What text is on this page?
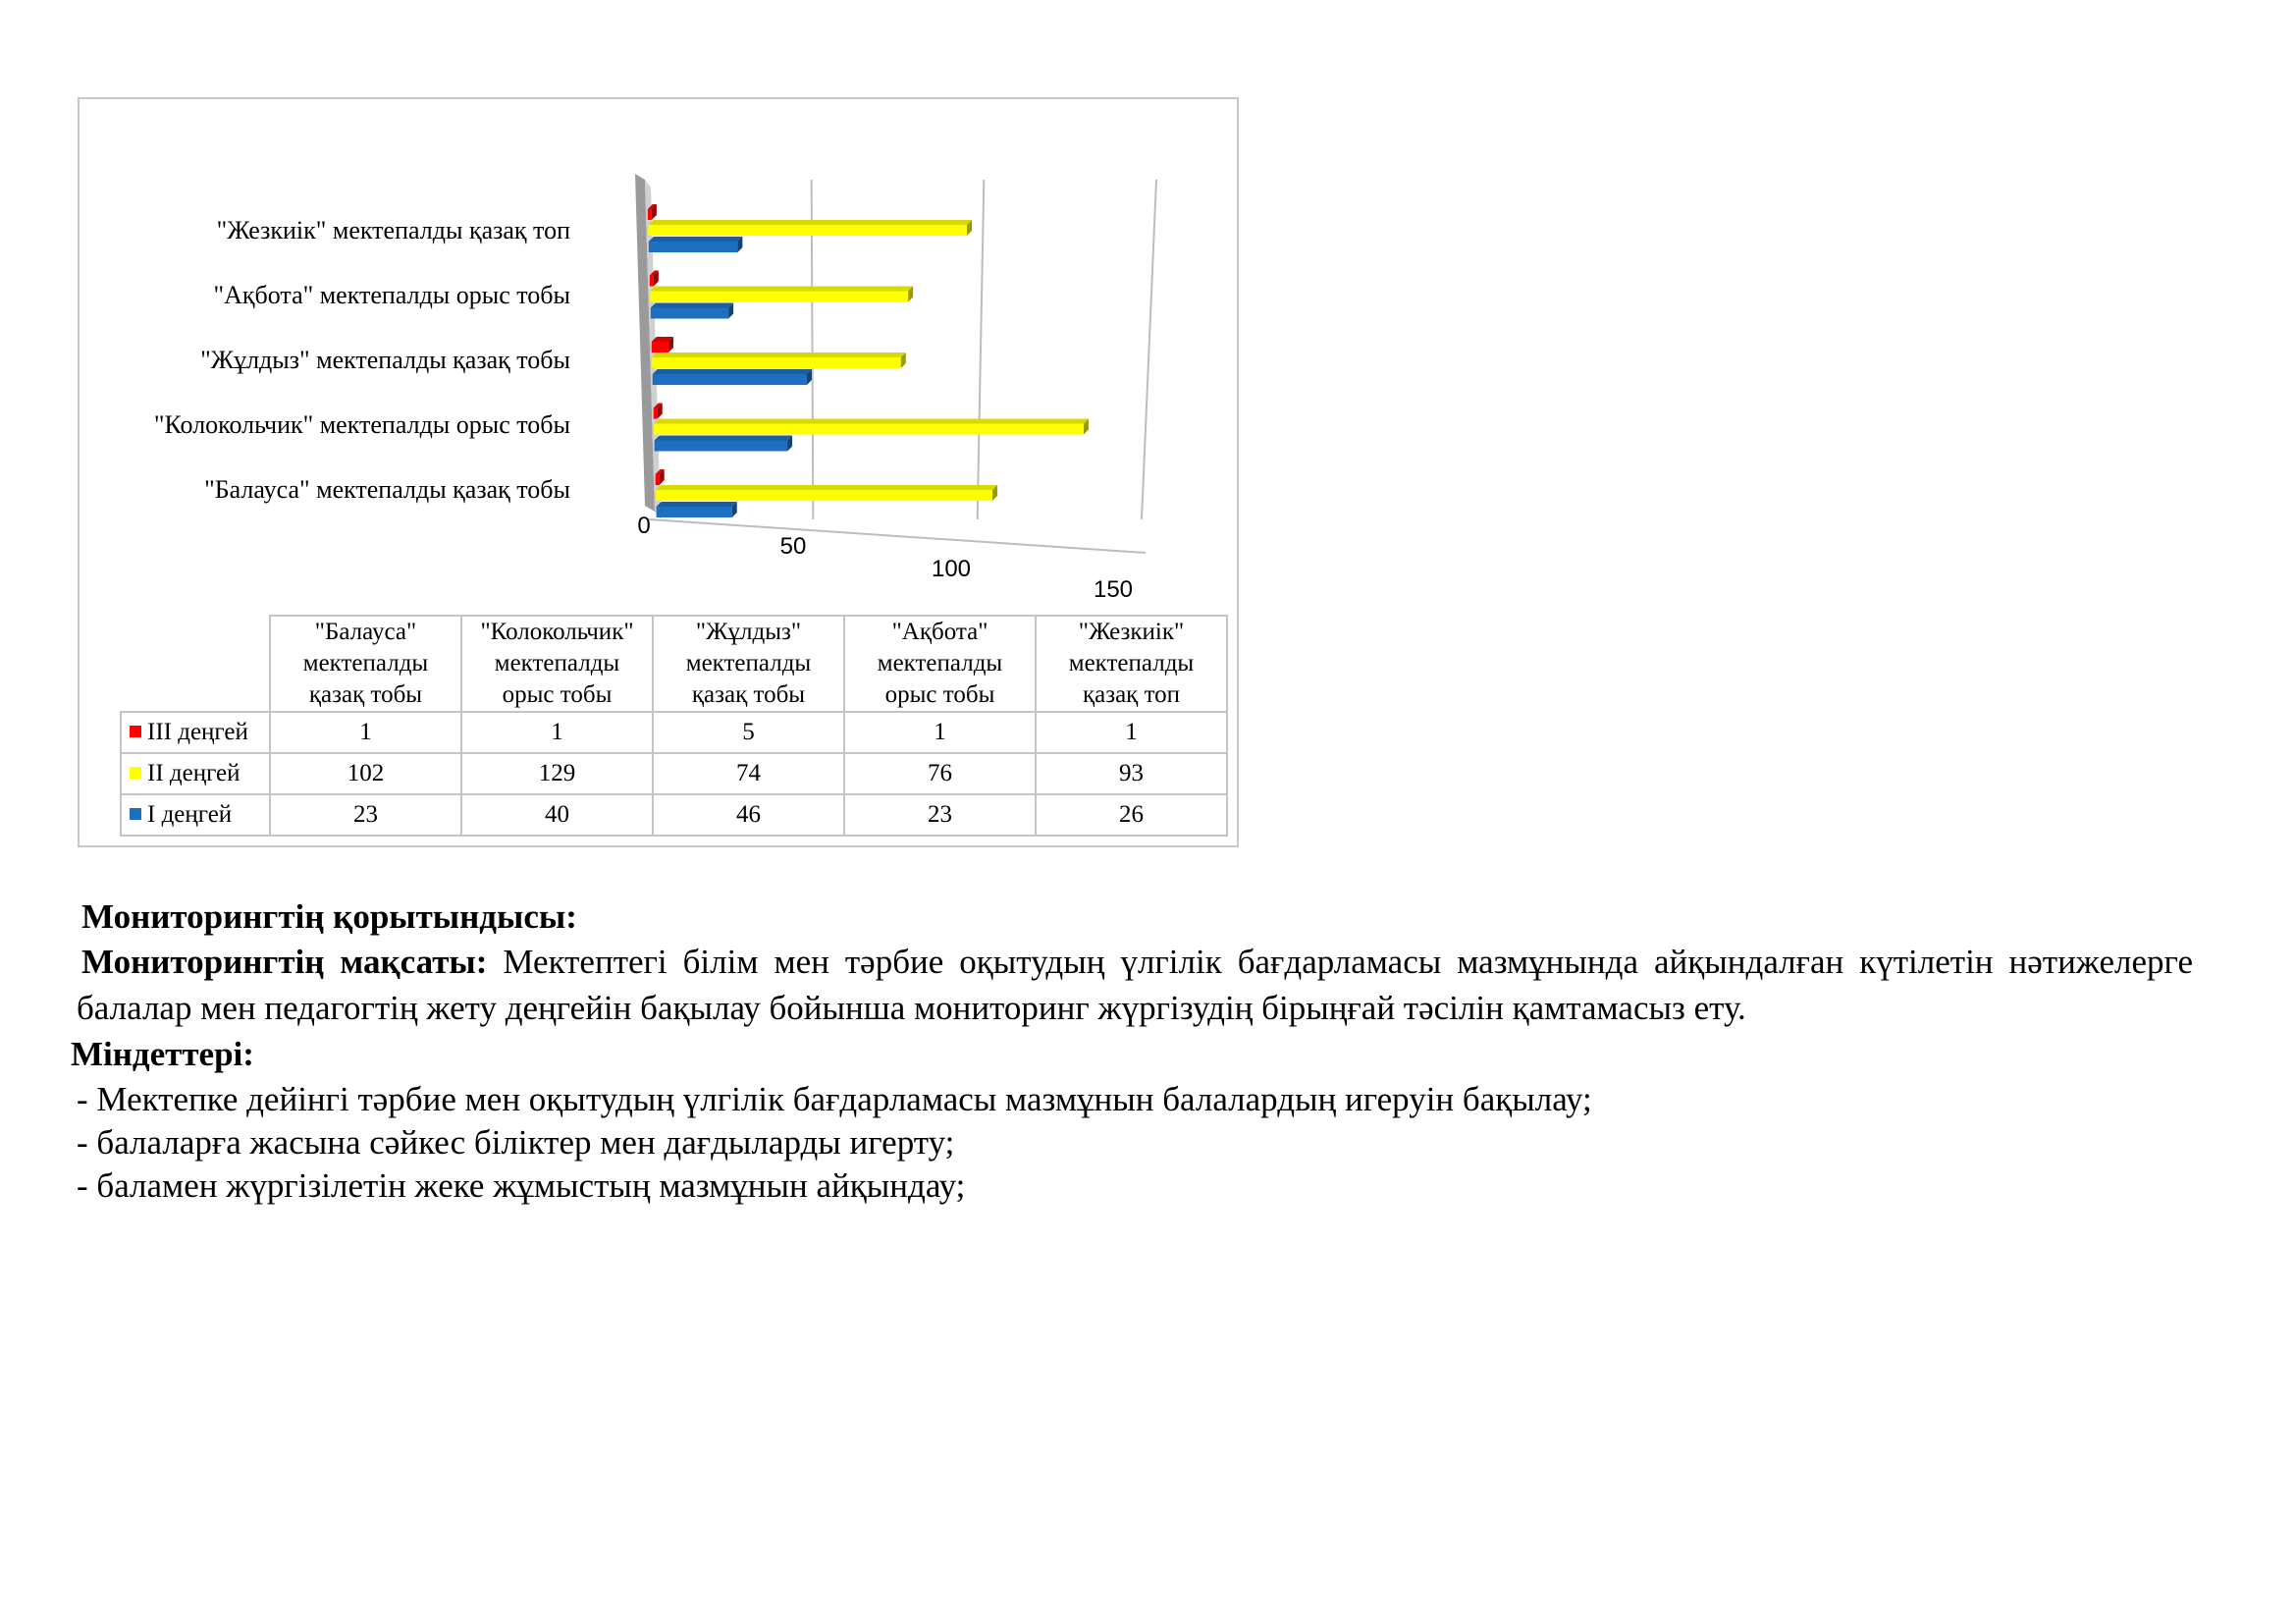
0
50
100
150
"Жезкиік" мектепалды қазақ топ
"Ақбота" мектепалды орыс тобы
"Жұлдыз" мектепалды қазақ тобы
"Колокольчик" мектепалды орыс тобы
"Балауса" мектепалды қазақ тобы
	"Балауса"
мектепалды
қазақ тобы	"Колокольчик"
мектепалды
орыс тобы	"Жұлдыз"
мектепалды
қазақ тобы	"Ақбота"
мектепалды
орыс тобы	"Жезкиік"
мектепалды
қазақ топ
III деңгей	1	1	5	1	1
II деңгей	102	129	74	76	93
I деңгей	23	40	46	23	26
Мониторингтің қорытындысы:
Мониторингтің мақсаты: Мектептегі білім мен тәрбие оқытудың үлгілік бағдарламасы мазмұнында айқындалған күтілетін нәтижелерге балалар мен педагогтің жету деңгейін бақылау бойынша мониторинг жүргізудің бірыңғай тәсілін қамтамасыз ету.
Міндеттері:
- Мектепке дейінгі тәрбие мен оқытудың үлгілік бағдарламасы мазмұнын балалардың игеруін бақылау;
- балаларға жасына сәйкес біліктер мен дағдыларды игерту;
- баламен жүргізілетін жеке жұмыстың мазмұнын айқындау;
